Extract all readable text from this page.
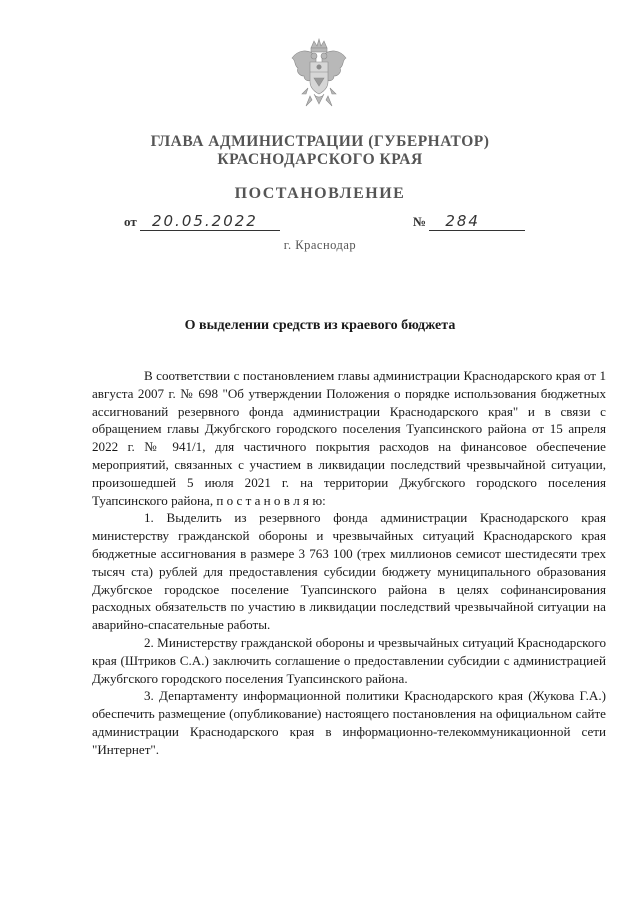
ГЛАВА АДМИНИСТРАЦИИ (ГУБЕРНАТОР)
КРАСНОДАРСКОГО КРАЯ
ПОСТАНОВЛЕНИЕ
от 20.05.2022	№ 284
г. Краснодар
О выделении средств из краевого бюджета

В соответствии с постановлением главы администрации Краснодарского края от 1 августа 2007 г. № 698 "Об утверждении Положения о порядке использования бюджетных ассигнований резервного фонда администрации Краснодарского края" и в связи с обращением главы Джубгского городского поселения Туапсинского района от 15 апреля 2022 г. № 941/1, для частичного покрытия расходов на финансовое обеспечение мероприятий, связанных с участием в ликвидации последствий чрезвычайной ситуации, произошедшей 5 июля 2021 г. на территории Джубгского городского поселения Туапсинского района, п о с т а н о в л я ю:

1. Выделить из резервного фонда администрации Краснодарского края министерству гражданской обороны и чрезвычайных ситуаций Краснодарского края бюджетные ассигнования в размере 3 763 100 (трех миллионов семисот шестидесяти трех тысяч ста) рублей для предоставления субсидии бюджету муниципального образования Джубгское городское поселение Туапсинского района в целях софинансирования расходных обязательств по участию в ликвидации последствий чрезвычайной ситуации на аварийно-спасательные работы.

2. Министерству гражданской обороны и чрезвычайных ситуаций Краснодарского края (Штриков С.А.) заключить соглашение о предоставлении субсидии с администрацией Джубгского городского поселения Туапсинского района.

3. Департаменту информационной политики Краснодарского края (Жукова Г.А.) обеспечить размещение (опубликование) настоящего постановления на официальном сайте администрации Краснодарского края в информационно-телекоммуникационной сети "Интернет".
